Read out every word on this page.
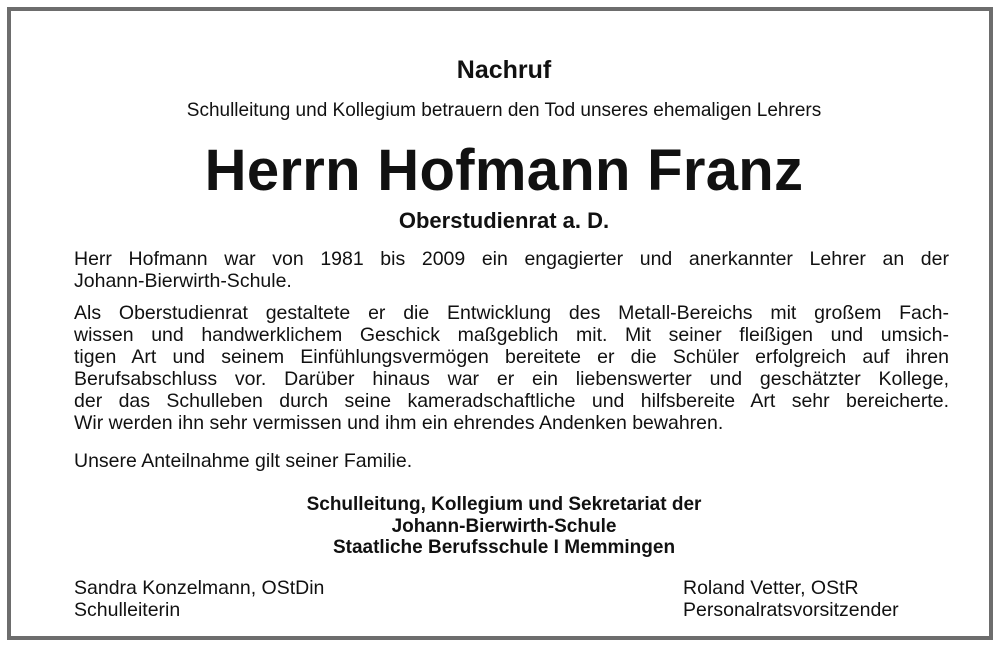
Nachruf
Schulleitung und Kollegium betrauern den Tod unseres ehemaligen Lehrers
Herrn Hofmann Franz
Oberstudienrat a. D.
Herr Hofmann war von 1981 bis 2009 ein engagierter und anerkannter Lehrer an der
Johann-Bierwirth-Schule.
Als Oberstudienrat gestaltete er die Entwicklung des Metall-Bereichs mit großem Fach-
wissen und handwerklichem Geschick maßgeblich mit. Mit seiner fleißigen und umsich-
tigen Art und seinem Einfühlungsvermögen bereitete er die Schüler erfolgreich auf ihren
Berufsabschluss vor. Darüber hinaus war er ein liebenswerter und geschätzter Kollege,
der das Schulleben durch seine kameradschaftliche und hilfsbereite Art sehr bereicherte.
Wir werden ihn sehr vermissen und ihm ein ehrendes Andenken bewahren.
Unsere Anteilnahme gilt seiner Familie.
Schulleitung, Kollegium und Sekretariat der
Johann-Bierwirth-Schule
Staatliche Berufsschule I Memmingen
Sandra Konzelmann, OStDin
Schulleiterin
Roland Vetter, OStR
Personalratsvorsitzender
